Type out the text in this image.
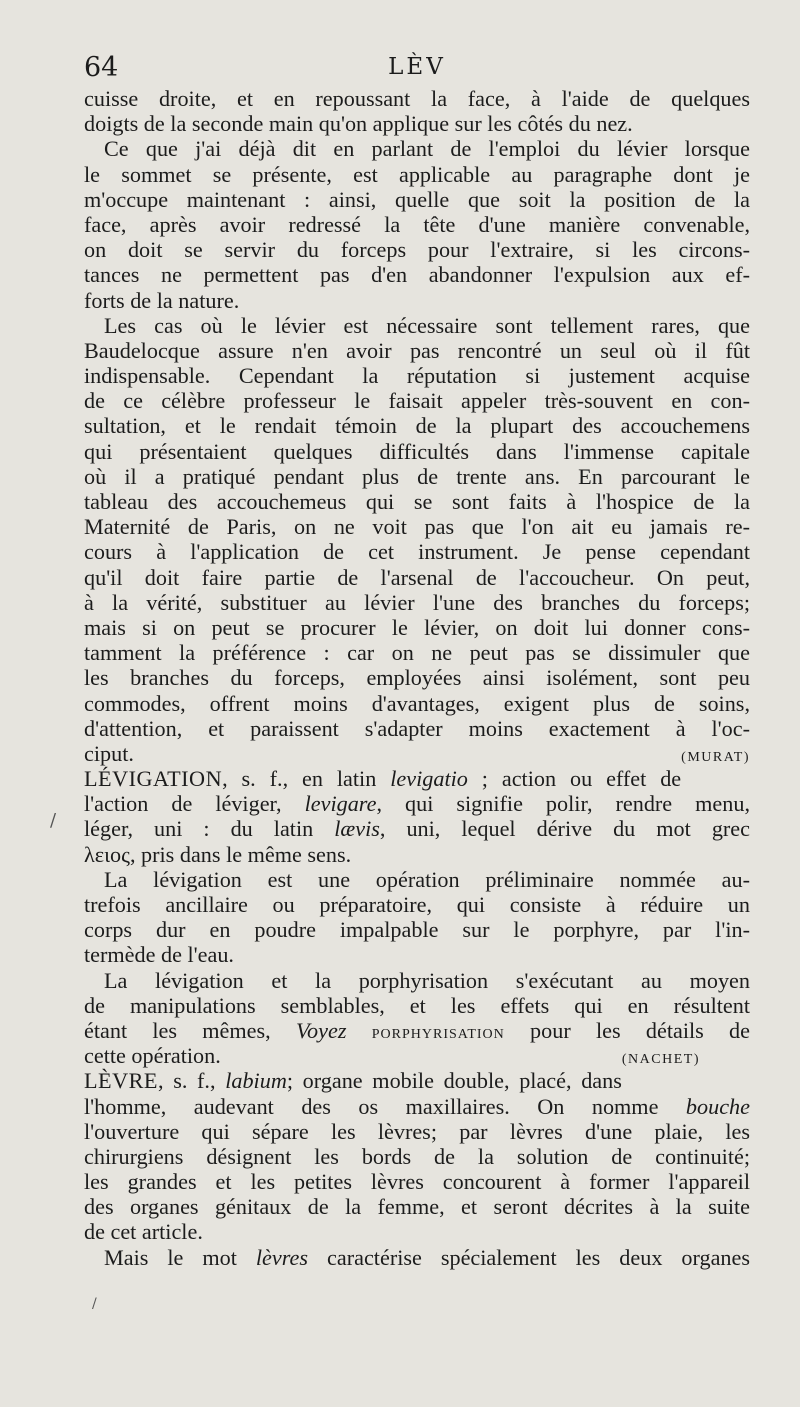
64	LÈV
/
/
cuisse droite, et en repoussant la face, à l'aide de quelques
doigts de la seconde main qu'on applique sur les côtés du nez.
Ce que j'ai déjà dit en parlant de l'emploi du lévier lorsque
le sommet se présente, est applicable au paragraphe dont je
m'occupe maintenant : ainsi, quelle que soit la position de la
face, après avoir redressé la tête d'une manière convenable,
on doit se servir du forceps pour l'extraire, si les circons-
tances ne permettent pas d'en abandonner l'expulsion aux ef-
forts de la nature.
Les cas où le lévier est nécessaire sont tellement rares, que
Baudelocque assure n'en avoir pas rencontré un seul où il fût
indispensable. Cependant la réputation si justement acquise
de ce célèbre professeur le faisait appeler très-souvent en con-
sultation, et le rendait témoin de la plupart des accouchemens
qui présentaient quelques difficultés dans l'immense capitale
où il a pratiqué pendant plus de trente ans. En parcourant le
tableau des accouchemeus qui se sont faits à l'hospice de la
Maternité de Paris, on ne voit pas que l'on ait eu jamais re-
cours à l'application de cet instrument. Je pense cependant
qu'il doit faire partie de l'arsenal de l'accoucheur. On peut,
à la vérité, substituer au lévier l'une des branches du forceps;
mais si on peut se procurer le lévier, on doit lui donner cons-
tamment la préférence : car on ne peut pas se dissimuler que
les branches du forceps, employées ainsi isolément, sont peu
commodes, offrent moins d'avantages, exigent plus de soins,
d'attention, et paraissent s'adapter moins exactement à l'oc-
ciput.	(MURAT)
LÉVIGATION, s. f., en latin levigatio ; action ou effet de
l'action de léviger, levigare, qui signifie polir, rendre menu,
léger, uni : du latin lævis, uni, lequel dérive du mot grec
λειος, pris dans le même sens.
La lévigation est une opération préliminaire nommée au-
trefois ancillaire ou préparatoire, qui consiste à réduire un
corps dur en poudre impalpable sur le porphyre, par l'in-
termède de l'eau.
La lévigation et la porphyrisation s'exécutant au moyen
de manipulations semblables, et les effets qui en résultent
étant les mêmes, Voyez PORPHYRISATION pour les détails de
cette opération.	(NACHET)
LÈVRE, s. f., labium; organe mobile double, placé, dans
l'homme, audevant des os maxillaires. On nomme bouche
l'ouverture qui sépare les lèvres; par lèvres d'une plaie, les
chirurgiens désignent les bords de la solution de continuité;
les grandes et les petites lèvres concourent à former l'appareil
des organes génitaux de la femme, et seront décrites à la suite
de cet article.
Mais le mot lèvres caractérise spécialement les deux organes
